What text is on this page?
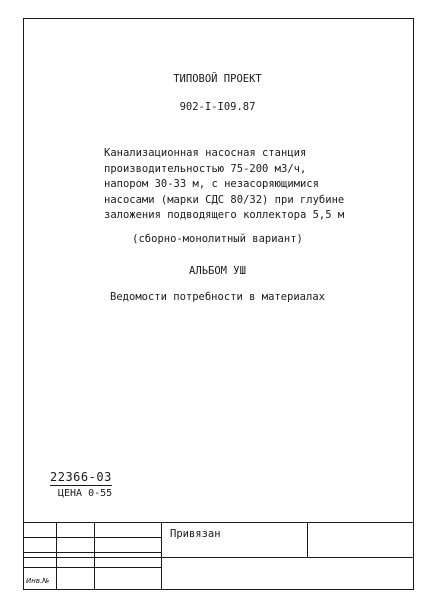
ТИПОВОЙ ПРОЕКТ
902-I-I09.87
Канализационная насосная станция
производительностью 75-200 м3/ч,
напором 30-33 м, с незасоряющимися
насосами (марки СДС 80/32) при глубине
заложения подводящего коллектора 5,5 м
(сборно-монолитный вариант)
АЛЬБОМ УШ
Ведомости потребности в материалах
22366-03
ЦЕНА 0-55
Привязан
Инв.№
